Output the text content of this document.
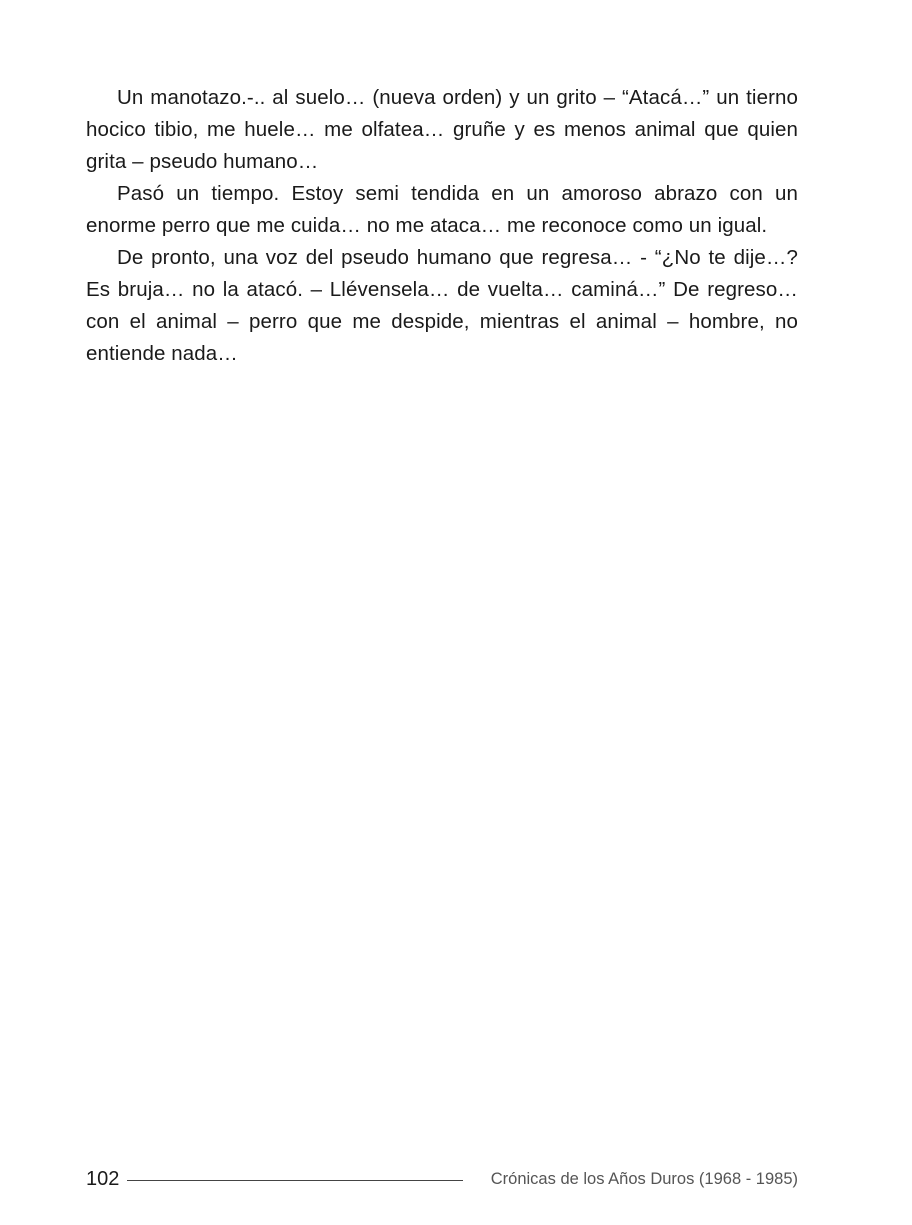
Un manotazo.-.. al suelo… (nueva orden) y un grito – “Atacá…” un tierno hocico tibio, me huele… me olfatea… gruñe y es menos animal que quien grita – pseudo humano…

Pasó un tiempo. Estoy semi tendida en un amoroso abrazo con un enorme perro que me cuida… no me ataca… me reconoce como un igual.

De pronto, una voz del pseudo humano que regresa… - “¿No te dije…? Es bruja… no la atacó. – Llévensela… de vuelta… caminá…” De regreso… con el animal – perro que me despide, mientras el animal – hombre, no entiende nada…

102	Crónicas de los Años Duros (1968 - 1985)
